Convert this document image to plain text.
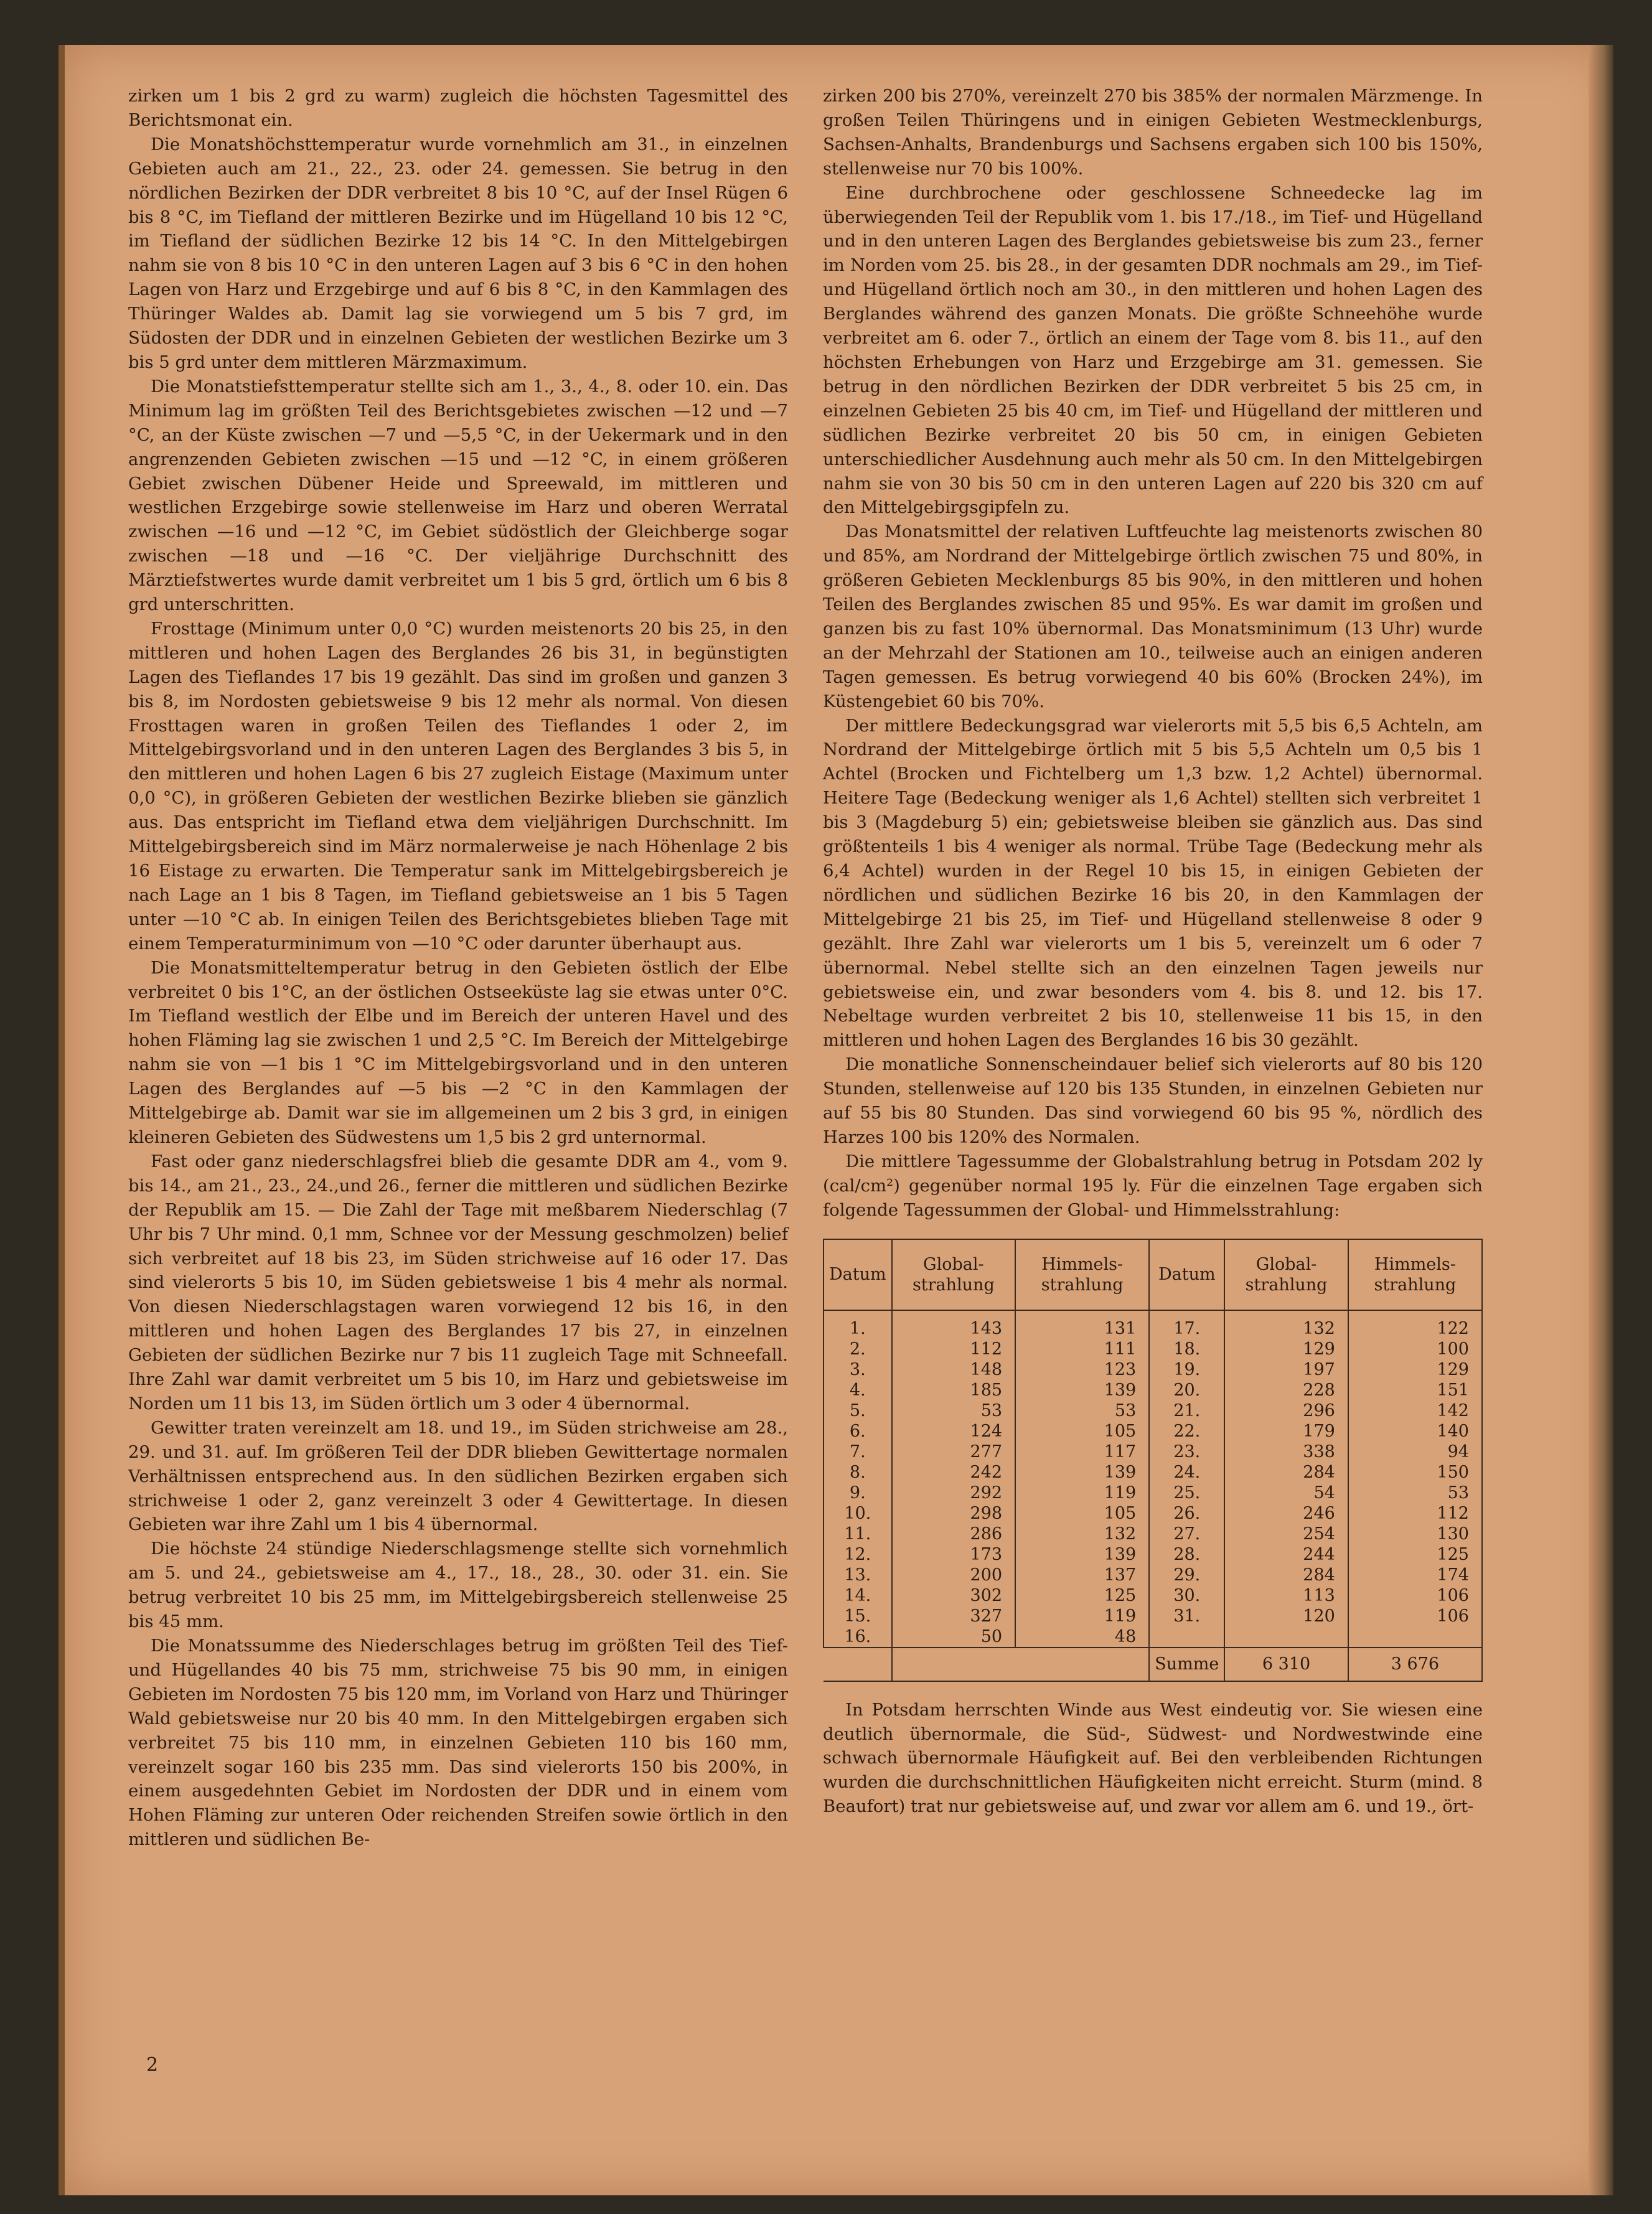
zirken um 1 bis 2 grd zu warm) zugleich die höchsten Tagesmittel des Berichtsmonat ein.

Die Monatshöchsttemperatur wurde vornehmlich am 31., in einzelnen Gebieten auch am 21., 22., 23. oder 24. gemessen. Sie betrug in den nördlichen Bezirken der DDR verbreitet 8 bis 10 °C, auf der Insel Rügen 6 bis 8 °C, im Tiefland der mittleren Bezirke und im Hügelland 10 bis 12 °C, im Tiefland der südlichen Bezirke 12 bis 14 °C. In den Mittelgebirgen nahm sie von 8 bis 10 °C in den unteren Lagen auf 3 bis 6 °C in den hohen Lagen von Harz und Erzgebirge und auf 6 bis 8 °C, in den Kammlagen des Thüringer Waldes ab. Damit lag sie vorwiegend um 5 bis 7 grd, im Südosten der DDR und in einzelnen Gebieten der westlichen Bezirke um 3 bis 5 grd unter dem mittleren Märzmaximum.

Die Monatstiefsttemperatur stellte sich am 1., 3., 4., 8. oder 10. ein. Das Minimum lag im größten Teil des Berichtsgebietes zwischen —12 und —7 °C, an der Küste zwischen —7 und —5,5 °C, in der Uekermark und in den angrenzenden Gebieten zwischen —15 und —12 °C, in einem größeren Gebiet zwischen Dübener Heide und Spreewald, im mittleren und westlichen Erzgebirge sowie stellenweise im Harz und oberen Werratal zwischen —16 und —12 °C, im Gebiet südöstlich der Gleichberge sogar zwischen —18 und —16 °C. Der vieljährige Durchschnitt des Märztiefstwertes wurde damit verbreitet um 1 bis 5 grd, örtlich um 6 bis 8 grd unterschritten.

Frosttage (Minimum unter 0,0 °C) wurden meistenorts 20 bis 25, in den mittleren und hohen Lagen des Berglandes 26 bis 31, in begünstigten Lagen des Tieflandes 17 bis 19 gezählt. Das sind im großen und ganzen 3 bis 8, im Nordosten gebietsweise 9 bis 12 mehr als normal. Von diesen Frosttagen waren in großen Teilen des Tieflandes 1 oder 2, im Mittelgebirgsvorland und in den unteren Lagen des Berglandes 3 bis 5, in den mittleren und hohen Lagen 6 bis 27 zugleich Eistage (Maximum unter 0,0 °C), in größeren Gebieten der westlichen Bezirke blieben sie gänzlich aus. Das entspricht im Tiefland etwa dem vieljährigen Durchschnitt. Im Mittelgebirgsbereich sind im März normalerweise je nach Höhenlage 2 bis 16 Eistage zu erwarten. Die Temperatur sank im Mittelgebirgsbereich je nach Lage an 1 bis 8 Tagen, im Tiefland gebietsweise an 1 bis 5 Tagen unter —10 °C ab. In einigen Teilen des Berichtsgebietes blieben Tage mit einem Temperaturminimum von —10 °C oder darunter überhaupt aus.

Die Monatsmitteltemperatur betrug in den Gebieten östlich der Elbe verbreitet 0 bis 1°C, an der östlichen Ostseeküste lag sie etwas unter 0°C. Im Tiefland westlich der Elbe und im Bereich der unteren Havel und des hohen Fläming lag sie zwischen 1 und 2,5 °C. Im Bereich der Mittelgebirge nahm sie von —1 bis 1 °C im Mittelgebirgsvorland und in den unteren Lagen des Berglandes auf —5 bis —2 °C in den Kammlagen der Mittelgebirge ab. Damit war sie im allgemeinen um 2 bis 3 grd, in einigen kleineren Gebieten des Südwestens um 1,5 bis 2 grd unternormal.

Fast oder ganz niederschlagsfrei blieb die gesamte DDR am 4., vom 9. bis 14., am 21., 23., 24.,und 26., ferner die mittleren und südlichen Bezirke der Republik am 15. — Die Zahl der Tage mit meßbarem Niederschlag (7 Uhr bis 7 Uhr mind. 0,1 mm, Schnee vor der Messung geschmolzen) belief sich verbreitet auf 18 bis 23, im Süden strichweise auf 16 oder 17. Das sind vielerorts 5 bis 10, im Süden gebietsweise 1 bis 4 mehr als normal. Von diesen Niederschlagstagen waren vorwiegend 12 bis 16, in den mittleren und hohen Lagen des Berglandes 17 bis 27, in einzelnen Gebieten der südlichen Bezirke nur 7 bis 11 zugleich Tage mit Schneefall. Ihre Zahl war damit verbreitet um 5 bis 10, im Harz und gebietsweise im Norden um 11 bis 13, im Süden örtlich um 3 oder 4 übernormal.

Gewitter traten vereinzelt am 18. und 19., im Süden strichweise am 28., 29. und 31. auf. Im größeren Teil der DDR blieben Gewittertage normalen Verhältnissen entsprechend aus. In den südlichen Bezirken ergaben sich strichweise 1 oder 2, ganz vereinzelt 3 oder 4 Gewittertage. In diesen Gebieten war ihre Zahl um 1 bis 4 übernormal.

Die höchste 24 stündige Niederschlagsmenge stellte sich vornehmlich am 5. und 24., gebietsweise am 4., 17., 18., 28., 30. oder 31. ein. Sie betrug verbreitet 10 bis 25 mm, im Mittelgebirgsbereich stellenweise 25 bis 45 mm.

Die Monatssumme des Niederschlages betrug im größten Teil des Tief- und Hügellandes 40 bis 75 mm, strichweise 75 bis 90 mm, in einigen Gebieten im Nordosten 75 bis 120 mm, im Vorland von Harz und Thüringer Wald gebietsweise nur 20 bis 40 mm. In den Mittelgebirgen ergaben sich verbreitet 75 bis 110 mm, in einzelnen Gebieten 110 bis 160 mm, vereinzelt sogar 160 bis 235 mm. Das sind vielerorts 150 bis 200%, in einem ausgedehnten Gebiet im Nordosten der DDR und in einem vom Hohen Fläming zur unteren Oder reichenden Streifen sowie örtlich in den mittleren und südlichen Be-

zirken 200 bis 270%, vereinzelt 270 bis 385% der normalen Märzmenge. In großen Teilen Thüringens und in einigen Gebieten Westmecklenburgs, Sachsen-Anhalts, Brandenburgs und Sachsens ergaben sich 100 bis 150%, stellenweise nur 70 bis 100%.

Eine durchbrochene oder geschlossene Schneedecke lag im überwiegenden Teil der Republik vom 1. bis 17./18., im Tief- und Hügelland und in den unteren Lagen des Berglandes gebietsweise bis zum 23., ferner im Norden vom 25. bis 28., in der gesamten DDR nochmals am 29., im Tief- und Hügelland örtlich noch am 30., in den mittleren und hohen Lagen des Berglandes während des ganzen Monats. Die größte Schneehöhe wurde verbreitet am 6. oder 7., örtlich an einem der Tage vom 8. bis 11., auf den höchsten Erhebungen von Harz und Erzgebirge am 31. gemessen. Sie betrug in den nördlichen Bezirken der DDR verbreitet 5 bis 25 cm, in einzelnen Gebieten 25 bis 40 cm, im Tief- und Hügelland der mittleren und südlichen Bezirke verbreitet 20 bis 50 cm, in einigen Gebieten unterschiedlicher Ausdehnung auch mehr als 50 cm. In den Mittelgebirgen nahm sie von 30 bis 50 cm in den unteren Lagen auf 220 bis 320 cm auf den Mittelgebirgsgipfeln zu.

Das Monatsmittel der relativen Luftfeuchte lag meistenorts zwischen 80 und 85%, am Nordrand der Mittelgebirge örtlich zwischen 75 und 80%, in größeren Gebieten Mecklenburgs 85 bis 90%, in den mittleren und hohen Teilen des Berglandes zwischen 85 und 95%. Es war damit im großen und ganzen bis zu fast 10% übernormal. Das Monatsminimum (13 Uhr) wurde an der Mehrzahl der Stationen am 10., teilweise auch an einigen anderen Tagen gemessen. Es betrug vorwiegend 40 bis 60% (Brocken 24%), im Küstengebiet 60 bis 70%.

Der mittlere Bedeckungsgrad war vielerorts mit 5,5 bis 6,5 Achteln, am Nordrand der Mittelgebirge örtlich mit 5 bis 5,5 Achteln um 0,5 bis 1 Achtel (Brocken und Fichtelberg um 1,3 bzw. 1,2 Achtel) übernormal. Heitere Tage (Bedeckung weniger als 1,6 Achtel) stellten sich verbreitet 1 bis 3 (Magdeburg 5) ein; gebietsweise bleiben sie gänzlich aus. Das sind größtenteils 1 bis 4 weniger als normal. Trübe Tage (Bedeckung mehr als 6,4 Achtel) wurden in der Regel 10 bis 15, in einigen Gebieten der nördlichen und südlichen Bezirke 16 bis 20, in den Kammlagen der Mittelgebirge 21 bis 25, im Tief- und Hügelland stellenweise 8 oder 9 gezählt. Ihre Zahl war vielerorts um 1 bis 5, vereinzelt um 6 oder 7 übernormal. Nebel stellte sich an den einzelnen Tagen jeweils nur gebietsweise ein, und zwar besonders vom 4. bis 8. und 12. bis 17. Nebeltage wurden verbreitet 2 bis 10, stellenweise 11 bis 15, in den mittleren und hohen Lagen des Berglandes 16 bis 30 gezählt.

Die monatliche Sonnenscheindauer belief sich vielerorts auf 80 bis 120 Stunden, stellenweise auf 120 bis 135 Stunden, in einzelnen Gebieten nur auf 55 bis 80 Stunden. Das sind vorwiegend 60 bis 95 %, nördlich des Harzes 100 bis 120% des Normalen.

Die mittlere Tagessumme der Globalstrahlung betrug in Potsdam 202 ly (cal/cm²) gegenüber normal 195 ly. Für die einzelnen Tage ergaben sich folgende Tagessummen der Global- und Himmelsstrahlung:

Datum	Global-strahlung	Himmels-strahlung	Datum	Global-strahlung	Himmels-strahlung

1.	143	131	17.	132	122
2.	112	111	18.	129	100
3.	148	123	19.	197	129
4.	185	139	20.	228	151
5.	53	53	21.	296	142
6.	124	105	22.	179	140
7.	277	117	23.	338	94
8.	242	139	24.	284	150
9.	292	119	25.	54	53
10.	298	105	26.	246	112
11.	286	132	27.	254	130
12.	173	139	28.	244	125
13.	200	137	29.	284	174
14.	302	125	30.	113	106
15.	327	119	31.	120	106
16.	50	48			
			Summe	6 310	3 676

In Potsdam herrschten Winde aus West eindeutig vor. Sie wiesen eine deutlich übernormale, die Süd-, Südwest- und Nordwestwinde eine schwach übernormale Häufigkeit auf. Bei den verbleibenden Richtungen wurden die durchschnittlichen Häufigkeiten nicht erreicht. Sturm (mind. 8 Beaufort) trat nur gebietsweise auf, und zwar vor allem am 6. und 19., ört-

2
